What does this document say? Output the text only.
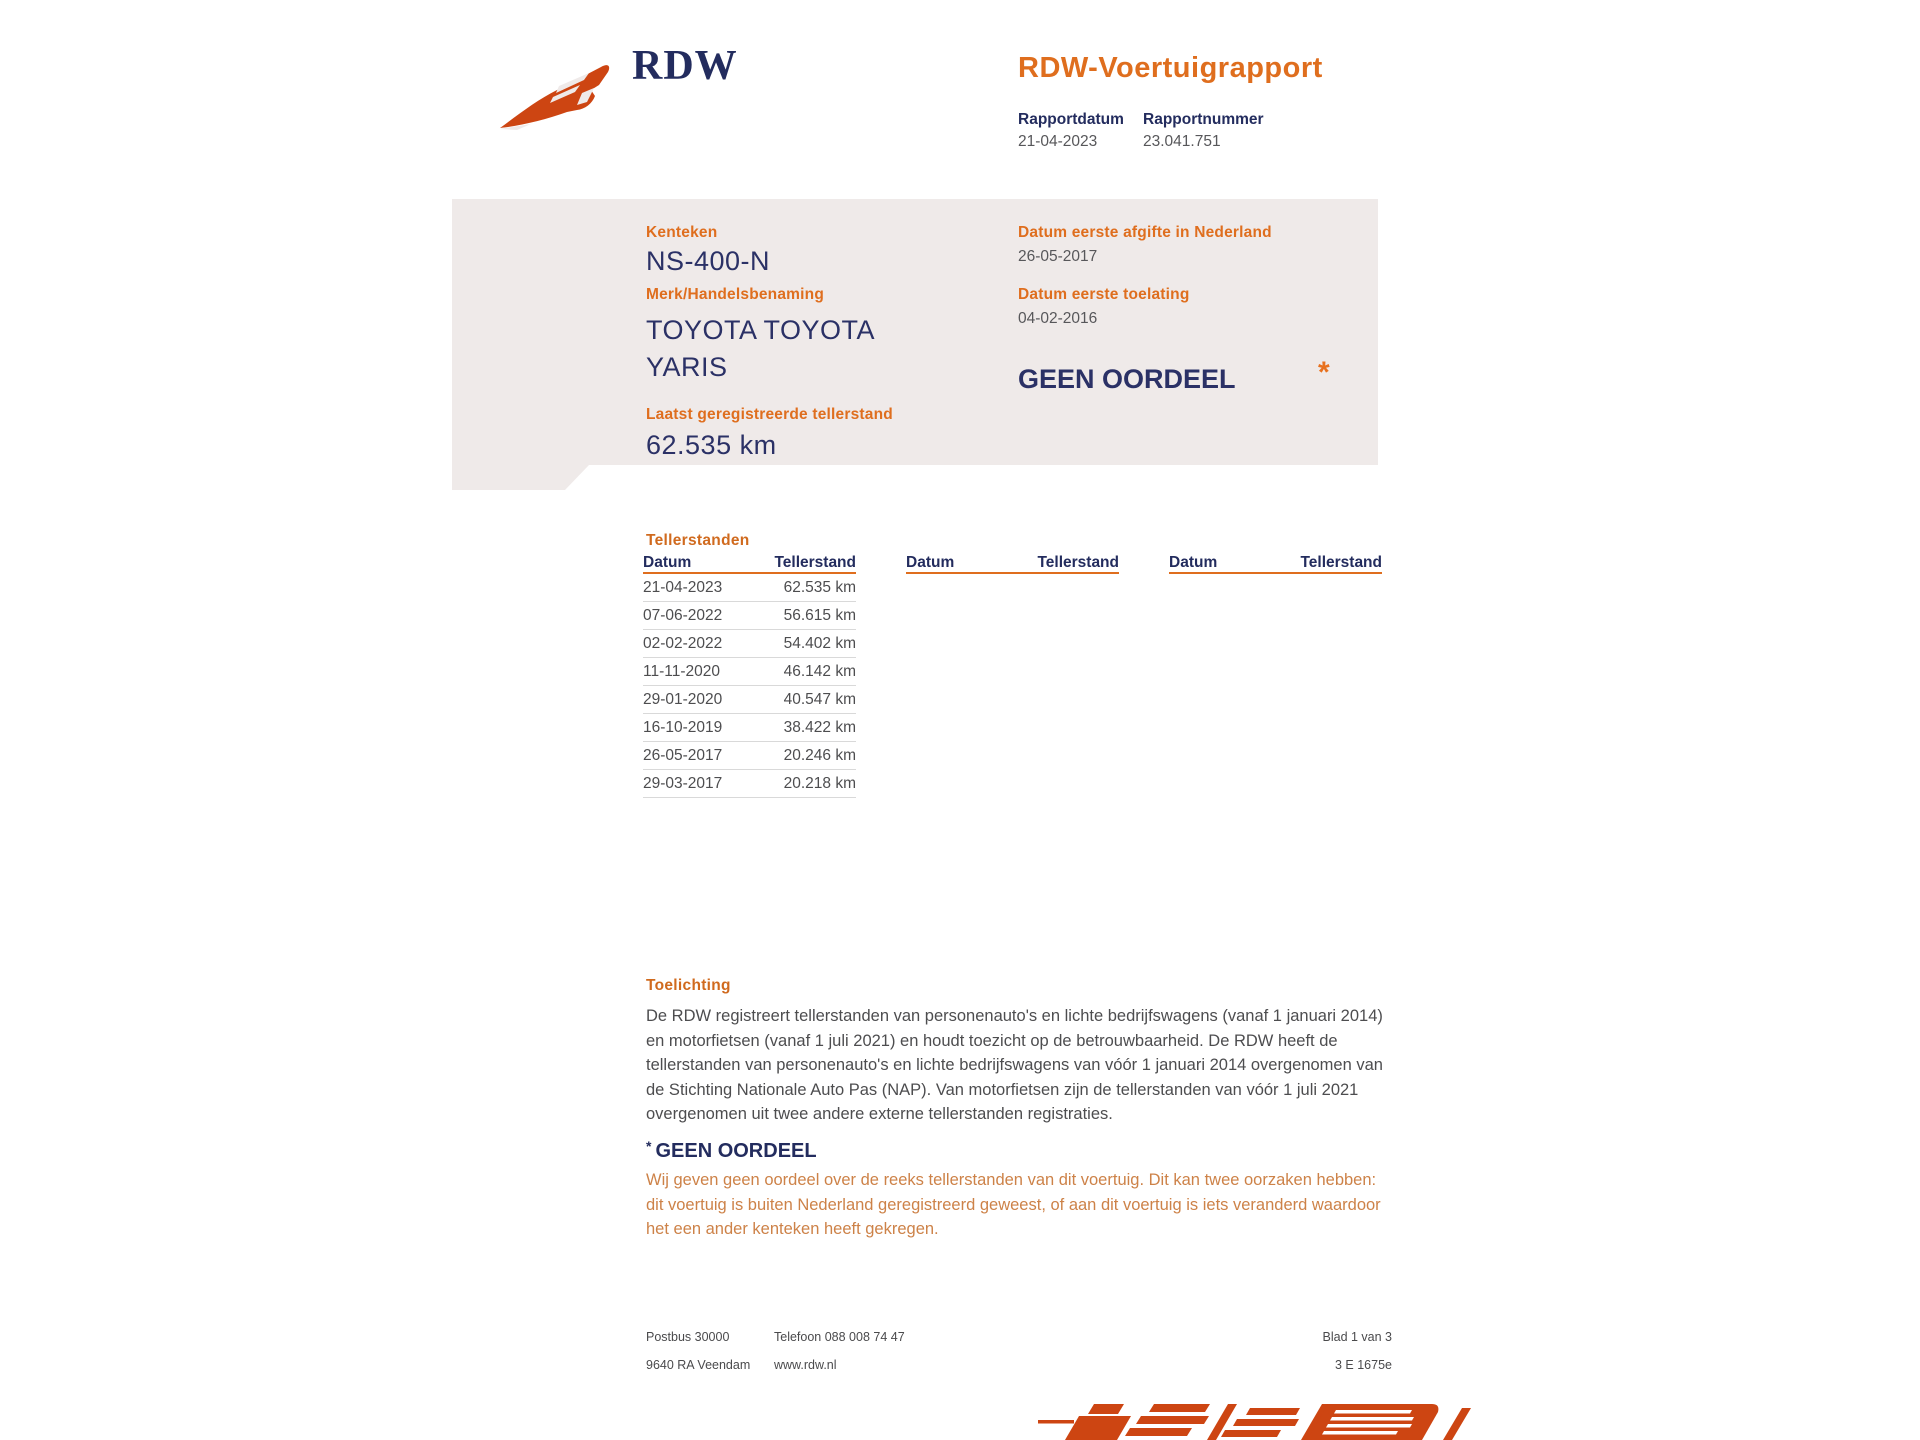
RDW	RDW-Voertuigrapport
Rapportdatum Rapportnummer
21-04-2023	23.041.751
Kenteken
NS-400-N
Merk/Handelsbenaming
TOYOTA TOYOTA YARIS
Laatst geregistreerde tellerstand
62.535 km
Datum eerste afgifte in Nederland
26-05-2017
Datum eerste toelating
04-02-2016
GEEN OORDEEL	*
Tellerstanden
Datum	Tellerstand
21-04-2023	62.535 km
07-06-2022	56.615 km
02-02-2022	54.402 km
11-11-2020	46.142 km
29-01-2020	40.547 km
16-10-2019	38.422 km
26-05-2017	20.246 km
29-03-2017	20.218 km
Datum	Tellerstand	Datum	Tellerstand
Toelichting
De RDW registreert tellerstanden van personenauto's en lichte bedrijfswagens (vanaf 1 januari 2014) en motorfietsen (vanaf 1 juli 2021) en houdt toezicht op de betrouwbaarheid. De RDW heeft de tellerstanden van personenauto's en lichte bedrijfswagens van vóór 1 januari 2014 overgenomen van de Stichting Nationale Auto Pas (NAP). Van motorfietsen zijn de tellerstanden van vóór 1 juli 2021 overgenomen uit twee andere externe tellerstanden registraties.
* GEEN OORDEEL
Wij geven geen oordeel over de reeks tellerstanden van dit voertuig. Dit kan twee oorzaken hebben: dit voertuig is buiten Nederland geregistreerd geweest, of aan dit voertuig is iets veranderd waardoor het een ander kenteken heeft gekregen.
Postbus 30000
9640 RA Veendam
Telefoon 088 008 74 47
www.rdw.nl
Blad 1 van 3
3 E 1675e
